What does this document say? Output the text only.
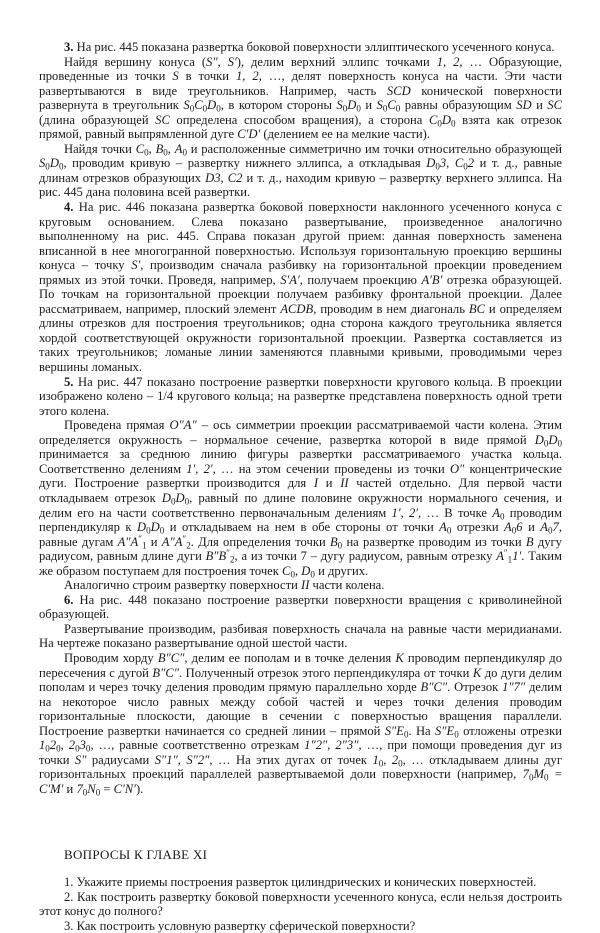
3. На рис. 445 показана развертка боковой поверхности эллиптического усеченного конуса.

Найдя вершину конуса (S″, S′), делим верхний эллипс точками 1, 2, … Образующие, проведенные из точки S в точки 1, 2, …, делят поверхность конуса на части. Эти части развертываются в виде треугольников. Например, часть SCD конической поверхности развернута в треугольник $S_0C_0D_0$, в котором стороны $S_0D_0$ и $S_0C_0$ равны образующим SD и SC (длина образующей SC определена способом вращения), а сторона $C_0D_0$ взята как отрезок прямой, равный выпрямленной дуге C′D′ (делением ее на мелкие части).

Найдя точки $C_0$, $B_0$, $A_0$ и расположенные симметрично им точки относительно образующей $S_0D_0$, проводим кривую – развертку нижнего эллипса, а откладывая $D_03$, $C_02$ и т. д., равные длинам отрезков образующих D3, C2 и т. д., находим кривую – развертку верхнего эллипса. На рис. 445 дана половина всей развертки.

4. На рис. 446 показана развертка боковой поверхности наклонного усеченного конуса с круговым основанием. Слева показано развертывание, произведенное аналогично выполненному на рис. 445. Справа показан другой прием: данная поверхность заменена вписанной в нее многогранной поверхностью. Используя горизонтальную проекцию вершины конуса – точку S′, производим сначала разбивку на горизонтальной проекции проведением прямых из этой точки. Проведя, например, S′A′, получаем проекцию A′B′ отрезка образующей. По точкам на горизонтальной проекции получаем разбивку фронтальной проекции. Далее рассматриваем, например, плоский элемент ACDB, проводим в нем диагональ BC и определяем длины отрезков для построения треугольников; одна сторона каждого треугольника является хордой соответствующей окружности горизонтальной проекции. Развертка составляется из таких треугольников; ломаные линии заменяются плавными кривыми, проводимыми через вершины ломаных.

5. На рис. 447 показано построение развертки поверхности кругового кольца. В проекции изображено колено – 1/4 кругового кольца; на развертке представлена поверхность одной трети этого колена.

Проведена прямая O″A″ – ось симметрии проекции рассматриваемой части колена. Этим определяется окружность – нормальное сечение, развертка которой в виде прямой $D_0D_0$ принимается за среднюю линию фигуры развертки рассматриваемого участка кольца. Соответственно делениям 1′, 2′, … на этом сечении проведены из точки O″ концентрические дуги. Построение развертки производится для I и II частей отдельно. Для первой части откладываем отрезок $D_0D_0$, равный по длине половине окружности нормального сечения, и делим его на части соответственно первоначальным делениям 1′, 2′, … В точке $A_0$ проводим перпендикуляр к $D_0D_0$ и откладываем на нем в обе стороны от точки $A_0$ отрезки $A_06$ и $A_07$, равные дугам $A''A''_1$ и $A''A''_2$. Для определения точки $B_0$ на развертке проводим из точки B дугу радиусом, равным длине дуги $B''B''_2$, а из точки 7 – дугу радиусом, равным отрезку $A''_11'$. Таким же образом поступаем для построения точек $C_0$, $D_0$ и других.

Аналогично строим развертку поверхности II части колена.

6. На рис. 448 показано построение развертки поверхности вращения с криволинейной образующей.

Развертывание производим, разбивая поверхность сначала на равные части меридианами. На чертеже показано развертывание одной шестой части.

Проводим хорду B″C″, делим ее пополам и в точке деления K проводим перпендикуляр до пересечения с дугой B″C″. Полученный отрезок этого перпендикуляра от точки K до дуги делим пополам и через точку деления проводим прямую параллельно хорде B″C″. Отрезок 1″7″ делим на некоторое число равных между собой частей и через точки деления проводим горизонтальные плоскости, дающие в сечении с поверхностью вращения параллели. Построение развертки начинается со средней линии – прямой $S''E_0$. На $S''E_0$ отложены отрезки $1_02_0$, $2_03_0$, …, равные соответственно отрезкам 1″2″, 2″3″, …, при помощи проведения дуг из точки S″ радиусами S″1″, S″2″, … На этих дугах от точек $1_0$, $2_0$, … откладываем длины дуг горизонтальных проекций параллелей развертываемой доли поверхности (например, $7_0M_0 = C'M'$ и $7_0N_0 = C'N'$).

ВОПРОСЫ К ГЛАВЕ XI

1. Укажите приемы построения разверток цилиндрических и конических поверхностей.

2. Как построить развертку боковой поверхности усеченного конуса, если нельзя достроить этот конус до полного?

3. Как построить условную развертку сферической поверхности?
